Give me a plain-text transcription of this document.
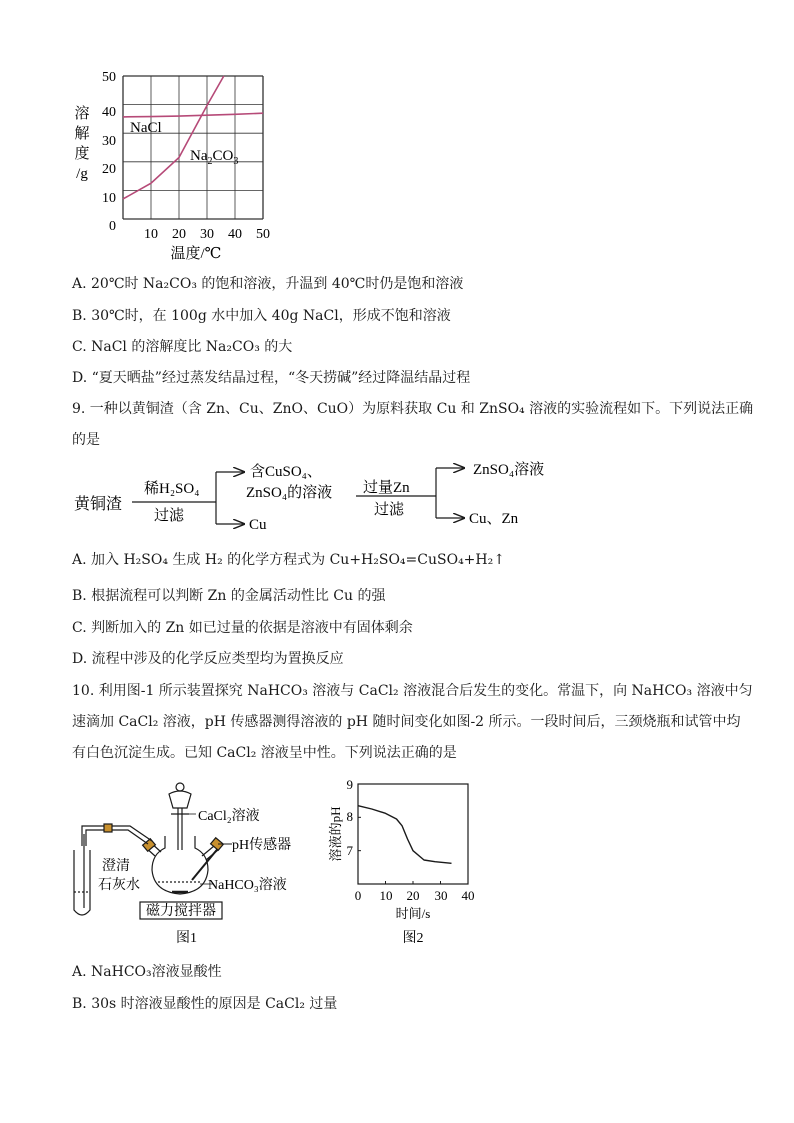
溶
解
度
/g
0
10
20
30
40
50
10 20 30 40 50
温度/℃
NaCl
$Na_2CO_3$
A. 20℃时 Na₂CO₃ 的饱和溶液，升温到 40℃时仍是饱和溶液
B. 30℃时，在 100g 水中加入 40g NaCl，形成不饱和溶液
C. NaCl 的溶解度比 Na₂CO₃ 的大
D. “夏天晒盐”经过蒸发结晶过程，“冬天捞碱”经过降温结晶过程
9. 一种以黄铜渣（含 Zn、Cu、ZnO、CuO）为原料获取 Cu 和 ZnSO₄ 溶液的实验流程如下。下列说法正确
的是
黄铜渣
稀H₂SO₄
过滤
含CuSO₄、
ZnSO₄的溶液
Cu
过量Zn
过滤
ZnSO₄溶液
Cu、Zn
A. 加入 H₂SO₄ 生成 H₂ 的化学方程式为 Cu+H₂SO₄=CuSO₄+H₂↑
B. 根据流程可以判断 Zn 的金属活动性比 Cu 的强
C. 判断加入的 Zn 如已过量的依据是溶液中有固体剩余
D. 流程中涉及的化学反应类型均为置换反应
10. 利用图-1 所示装置探究 NaHCO₃ 溶液与 CaCl₂ 溶液混合后发生的变化。常温下，向 NaHCO₃ 溶液中匀
速滴加 CaCl₂ 溶液，pH 传感器测得溶液的 pH 随时间变化如图-2 所示。一段时间后，三颈烧瓶和试管中均
有白色沉淀生成。已知 CaCl₂ 溶液呈中性。下列说法正确的是
CaCl₂溶液
pH传感器
澄清
石灰水	NaHCO₃溶液
磁力搅拌器
图1
溶液的pH 7
8
9
0 10 20 30 40
时间/s
图2
A. NaHCO₃溶液显酸性
B. 30s 时溶液显酸性的原因是 CaCl₂ 过量
